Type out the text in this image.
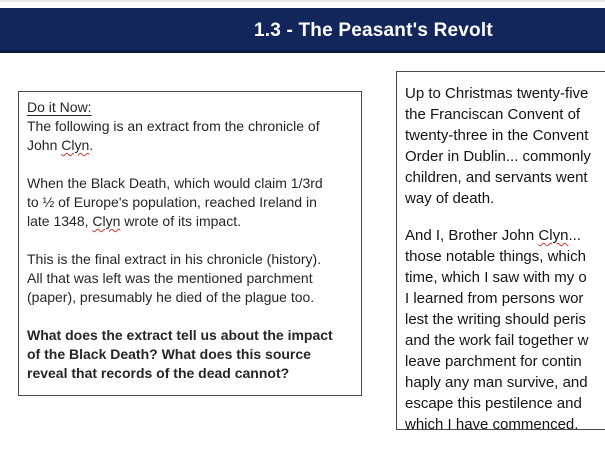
1.3 - The Peasant's Revolt
Do it Now:
The following is an extract from the chronicle of
John Clyn.

When the Black Death, which would claim 1/3rd
to ½ of Europe's population, reached Ireland in
late 1348, Clyn wrote of its impact.

This is the final extract in his chronicle (history).
All that was left was the mentioned parchment
(paper), presumably he died of the plague too.

What does the extract tell us about the impact
of the Black Death? What does this source
reveal that records of the dead cannot?
Up to Christmas twenty-five
the Franciscan Convent of
twenty-three in the Convent
Order in Dublin... commonly
children, and servants went
way of death.

And I, Brother John Clyn...
those notable things, which
time, which I saw with my o
I learned from persons wor
lest the writing should peris
and the work fail together w
leave parchment for contin
haply any man survive, and
escape this pestilence and
which I have commenced.
